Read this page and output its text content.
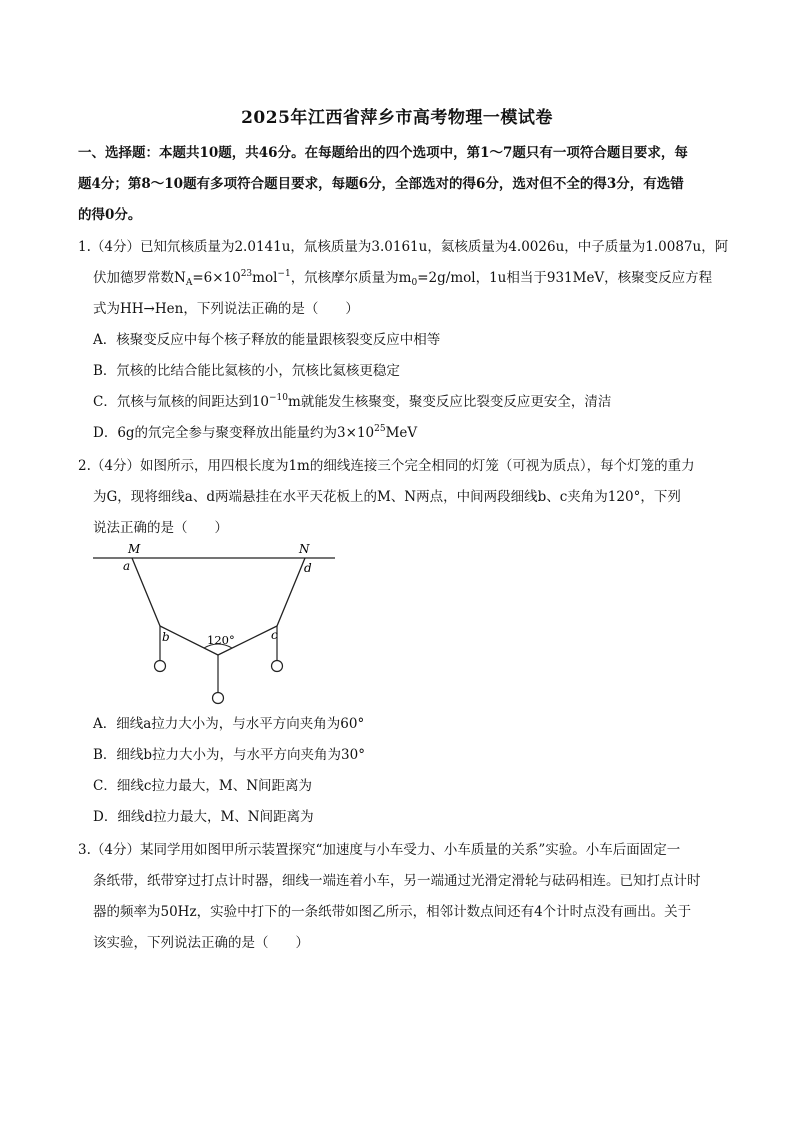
2025年江西省萍乡市高考物理一模试卷
一、选择题：本题共10题，共46分。在每题给出的四个选项中，第1～7题只有一项符合题目要求，每
题4分；第8～10题有多项符合题目要求，每题6分，全部选对的得6分，选对但不全的得3分，有选错
的得0分。
1.（4分）已知氘核质量为2.0141u，氚核质量为3.0161u，氦核质量为4.0026u，中子质量为1.0087u，阿
伏加德罗常数$N_A=6\times 10^{23}mol^{-1}$，氘核摩尔质量为$m_0=2g$/mol，1u相当于931MeV，核聚变反应方程
式为HH→Hen，下列说法正确的是（　　）
A．核聚变反应中每个核子释放的能量跟核裂变反应中相等
B．氘核的比结合能比氦核的小，氘核比氦核更稳定
C．氘核与氚核的间距达到$10^{-10}m$就能发生核聚变，聚变反应比裂变反应更安全，清洁
D．6g的氘完全参与聚变释放出能量约为$3\times 10^{25}MeV$
2.（4分）如图所示，用四根长度为1m的细线连接三个完全相同的灯笼（可视为质点），每个灯笼的重力
为G，现将细线a、d两端悬挂在水平天花板上的M、N两点，中间两段细线b、c夹角为120°，下列
说法正确的是（　　）
M	N
a
b	c
d
120°
A．细线a拉力大小为，与水平方向夹角为60°
B．细线b拉力大小为，与水平方向夹角为30°
C．细线c拉力最大，M、N间距离为
D．细线d拉力最大，M、N间距离为
3.（4分）某同学用如图甲所示装置探究“加速度与小车受力、小车质量的关系”实验。小车后面固定一
条纸带，纸带穿过打点计时器，细线一端连着小车，另一端通过光滑定滑轮与砝码相连。已知打点计时
器的频率为50Hz，实验中打下的一条纸带如图乙所示，相邻计数点间还有4个计时点没有画出。关于
该实验，下列说法正确的是（　　）
